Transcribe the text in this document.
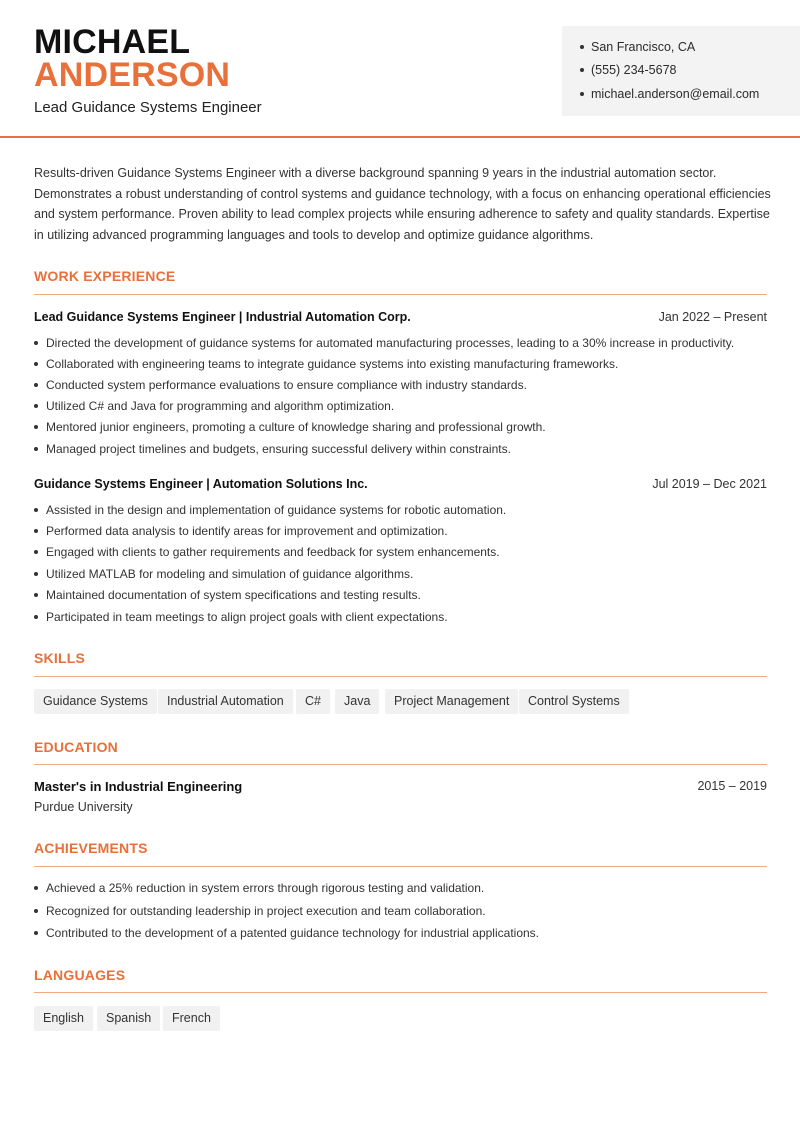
MICHAEL
ANDERSON
Lead Guidance Systems Engineer
San Francisco, CA
(555) 234-5678
michael.anderson@email.com
Results-driven Guidance Systems Engineer with a diverse background spanning 9 years in the industrial automation sector. Demonstrates a robust understanding of control systems and guidance technology, with a focus on enhancing operational efficiencies and system performance. Proven ability to lead complex projects while ensuring adherence to safety and quality standards. Expertise in utilizing advanced programming languages and tools to develop and optimize guidance algorithms.
WORK EXPERIENCE
Lead Guidance Systems Engineer | Industrial Automation Corp.	Jan 2022 – Present
Directed the development of guidance systems for automated manufacturing processes, leading to a 30% increase in productivity.
Collaborated with engineering teams to integrate guidance systems into existing manufacturing frameworks.
Conducted system performance evaluations to ensure compliance with industry standards.
Utilized C# and Java for programming and algorithm optimization.
Mentored junior engineers, promoting a culture of knowledge sharing and professional growth.
Managed project timelines and budgets, ensuring successful delivery within constraints.
Guidance Systems Engineer | Automation Solutions Inc.	Jul 2019 – Dec 2021
Assisted in the design and implementation of guidance systems for robotic automation.
Performed data analysis to identify areas for improvement and optimization.
Engaged with clients to gather requirements and feedback for system enhancements.
Utilized MATLAB for modeling and simulation of guidance algorithms.
Maintained documentation of system specifications and testing results.
Participated in team meetings to align project goals with client expectations.
SKILLS
Guidance Systems	Industrial Automation	C#	Java	Project Management	Control Systems
EDUCATION
Master's in Industrial Engineering	2015 – 2019
Purdue University
ACHIEVEMENTS
Achieved a 25% reduction in system errors through rigorous testing and validation.
Recognized for outstanding leadership in project execution and team collaboration.
Contributed to the development of a patented guidance technology for industrial applications.
LANGUAGES
English	Spanish	French
